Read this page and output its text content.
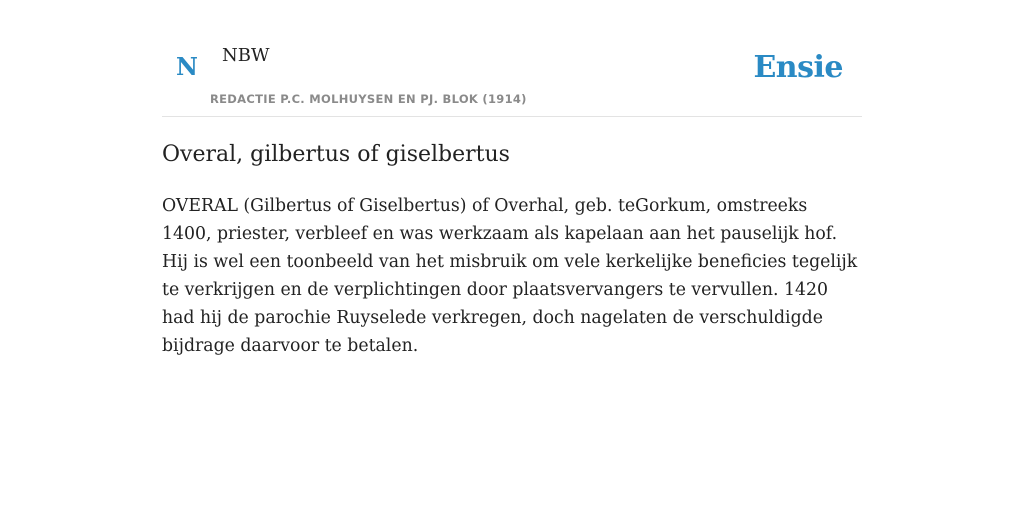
N NBW
REDACTIE P.C. MOLHUYSEN EN PJ. BLOK (1914)
Ensie
Overal, gilbertus of giselbertus

OVERAL (Gilbertus of Giselbertus) of Overhal, geb. teGorkum, omstreeks 1400, priester, verbleef en was werkzaam als kapelaan aan het pauselijk hof. Hij is wel een toonbeeld van het misbruik om vele kerkelijke beneficies tegelijk te verkrijgen en de verplichtingen door plaatsvervangers te vervullen. 1420 had hij de parochie Ruyselede verkregen, doch nagelaten de verschuldigde bijdrage daarvoor te betalen.
